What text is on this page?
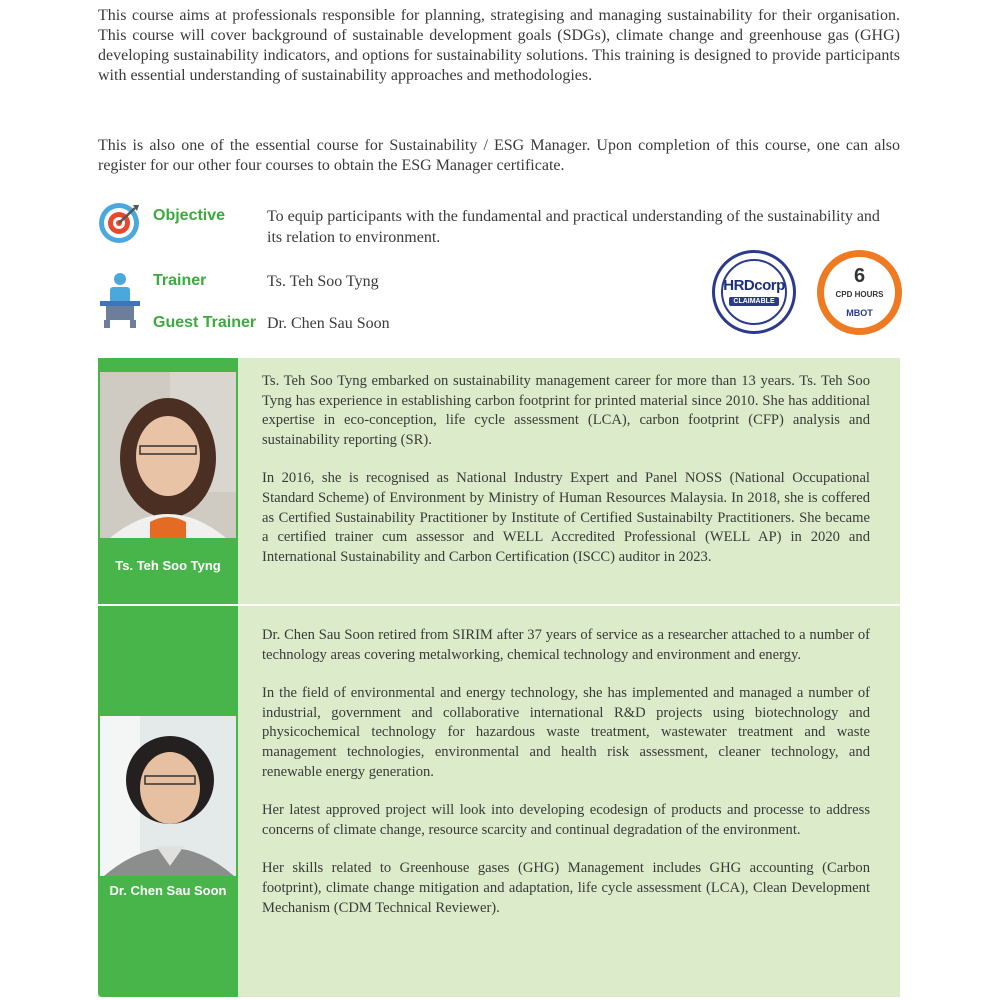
This course aims at professionals responsible for planning, strategising and managing sustainability for their organisation. This course will cover background of sustainable development goals (SDGs), climate change and greenhouse gas (GHG) developing sustainability indicators, and options for sustainability solutions. This training is designed to provide participants with essential understanding of sustainability approaches and methodologies.
This is also one of the essential course for Sustainability / ESG Manager. Upon completion of this course, one can also register for our other four courses to obtain the ESG Manager certificate.
Objective	To equip participants with the fundamental and practical understanding of the sustainability and its relation to environment.
Trainer	Ts. Teh Soo Tyng
Guest Trainer Dr. Chen Sau Soon
HRDcorp
CLAIMABLE
6
CPD HOURS
MBOT
Ts. Teh Soo Tyng

Ts. Teh Soo Tyng embarked on sustainability management career for more than 13 years. Ts. Teh Soo Tyng has experience in establishing carbon footprint for printed material since 2010. She has additional expertise in eco-conception, life cycle assessment (LCA), carbon footprint (CFP) analysis and sustainability reporting (SR).

In 2016, she is recognised as National Industry Expert and Panel NOSS (National Occupational Standard Scheme) of Environment by Ministry of Human Resources Malaysia. In 2018, she is coffered as Certified Sustainability Practitioner by Institute of Certified Sustainabilty Practitioners. She became a certified trainer cum assessor and WELL Accredited Professional (WELL AP) in 2020 and International Sustainability and Carbon Certification (ISCC) auditor in 2023.

Dr. Chen Sau Soon

Dr. Chen Sau Soon retired from SIRIM after 37 years of service as a researcher attached to a number of technology areas covering metalworking, chemical technology and environment and energy.

In the field of environmental and energy technology, she has implemented and managed a number of industrial, government and collaborative international R&D projects using biotechnology and physicochemical technology for hazardous waste treatment, wastewater treatment and waste management technologies, environmental and health risk assessment, cleaner technology, and renewable energy generation.

Her latest approved project will look into developing ecodesign of products and processe to address concerns of climate change, resource scarcity and continual degradation of the environment.

Her skills related to Greenhouse gases (GHG) Management includes GHG accounting (Carbon footprint), climate change mitigation and adaptation, life cycle assessment (LCA), Clean Development Mechanism (CDM Technical Reviewer).
